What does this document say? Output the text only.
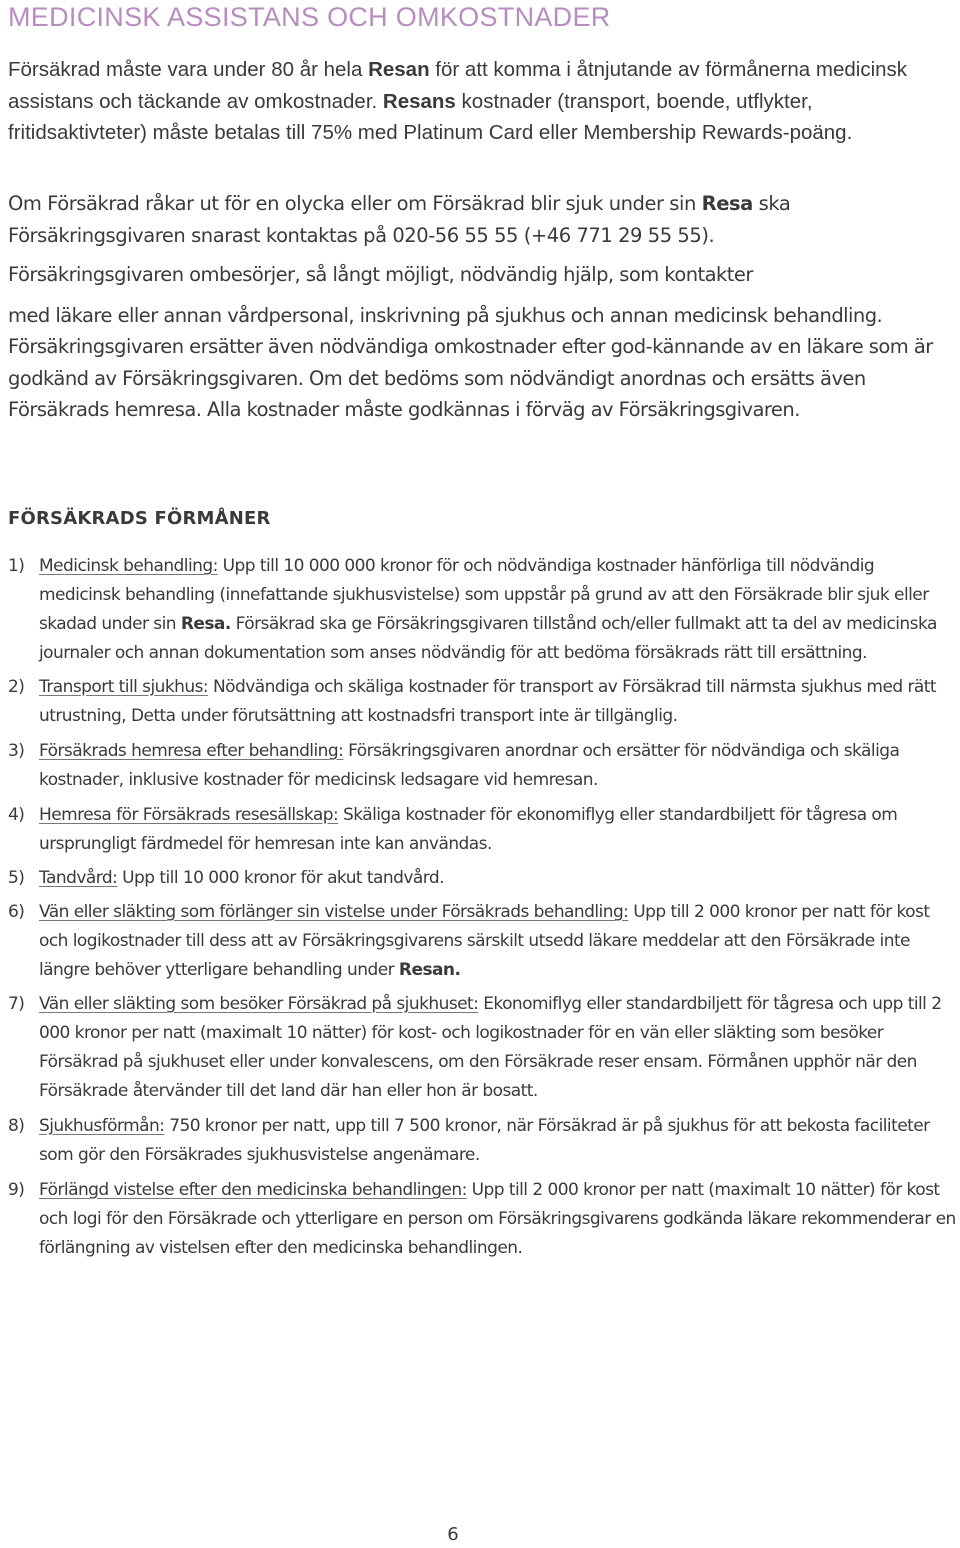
MEDICINSK ASSISTANS OCH OMKOSTNADER

Försäkrad måste vara under 80 år hela Resan för att komma i åtnjutande av förmånerna medicinsk assistans och täckande av omkostnader. Resans kostnader (transport, boende, utflykter, fritidsaktivteter) måste betalas till 75% med Platinum Card eller Membership Rewards-poäng.

Om Försäkrad råkar ut för en olycka eller om Försäkrad blir sjuk under sin Resa ska Försäkringsgivaren snarast kontaktas på 020-56 55 55 (+46 771 29 55 55).

Försäkringsgivaren ombesörjer, så långt möjligt, nödvändig hjälp, som kontakter
med läkare eller annan vårdpersonal, inskrivning på sjukhus och annan medicinsk behandling. Försäkringsgivaren ersätter även nödvändiga omkostnader efter god-kännande av en läkare som är godkänd av Försäkringsgivaren. Om det bedöms som nödvändigt anordnas och ersätts även Försäkrads hemresa. Alla kostnader måste godkännas i förväg av Försäkringsgivaren.

FÖRSÄKRADS FÖRMÅNER
1) Medicinsk behandling: Upp till 10 000 000 kronor för och nödvändiga kostnader hänförliga till nödvändig medicinsk behandling (innefattande sjukhusvistelse) som uppstår på grund av att den Försäkrade blir sjuk eller skadad under sin Resa. Försäkrad ska ge Försäkringsgivaren tillstånd och/eller fullmakt att ta del av medicinska journaler och annan dokumentation som anses nödvändig för att bedöma försäkrads rätt till ersättning.
2) Transport till sjukhus: Nödvändiga och skäliga kostnader för transport av Försäkrad till närmsta sjukhus med rätt utrustning, Detta under förutsättning att kostnadsfri transport inte är tillgänglig.
3) Försäkrads hemresa efter behandling: Försäkringsgivaren anordnar och ersätter för nödvändiga och skäliga kostnader, inklusive kostnader för medicinsk ledsagare vid hemresan.
4) Hemresa för Försäkrads resesällskap: Skäliga kostnader för ekonomiflyg eller standardbiljett för tågresa om ursprungligt färdmedel för hemresan inte kan användas.
5) Tandvård: Upp till 10 000 kronor för akut tandvård.
6) Vän eller släkting som förlänger sin vistelse under Försäkrads behandling: Upp till 2 000 kronor per natt för kost och logikostnader till dess att av Försäkringsgivarens särskilt utsedd läkare meddelar att den Försäkrade inte längre behöver ytterligare behandling under Resan.
7) Vän eller släkting som besöker Försäkrad på sjukhuset: Ekonomiflyg eller standardbiljett för tågresa och upp till 2 000 kronor per natt (maximalt 10 nätter) för kost- och logikostnader för en vän eller släkting som besöker Försäkrad på sjukhuset eller under konvalescens, om den Försäkrade reser ensam. Förmånen upphör när den Försäkrade återvänder till det land där han eller hon är bosatt.
8) Sjukhusförmån: 750 kronor per natt, upp till 7 500 kronor, när Försäkrad är på sjukhus för att bekosta faciliteter som gör den Försäkrades sjukhusvistelse angenämare.
9) Förlängd vistelse efter den medicinska behandlingen: Upp till 2 000 kronor per natt (maximalt 10 nätter) för kost och logi för den Försäkrade och ytterligare en person om Försäkringsgivarens godkända läkare rekommenderar en förlängning av vistelsen efter den medicinska behandlingen.
6
